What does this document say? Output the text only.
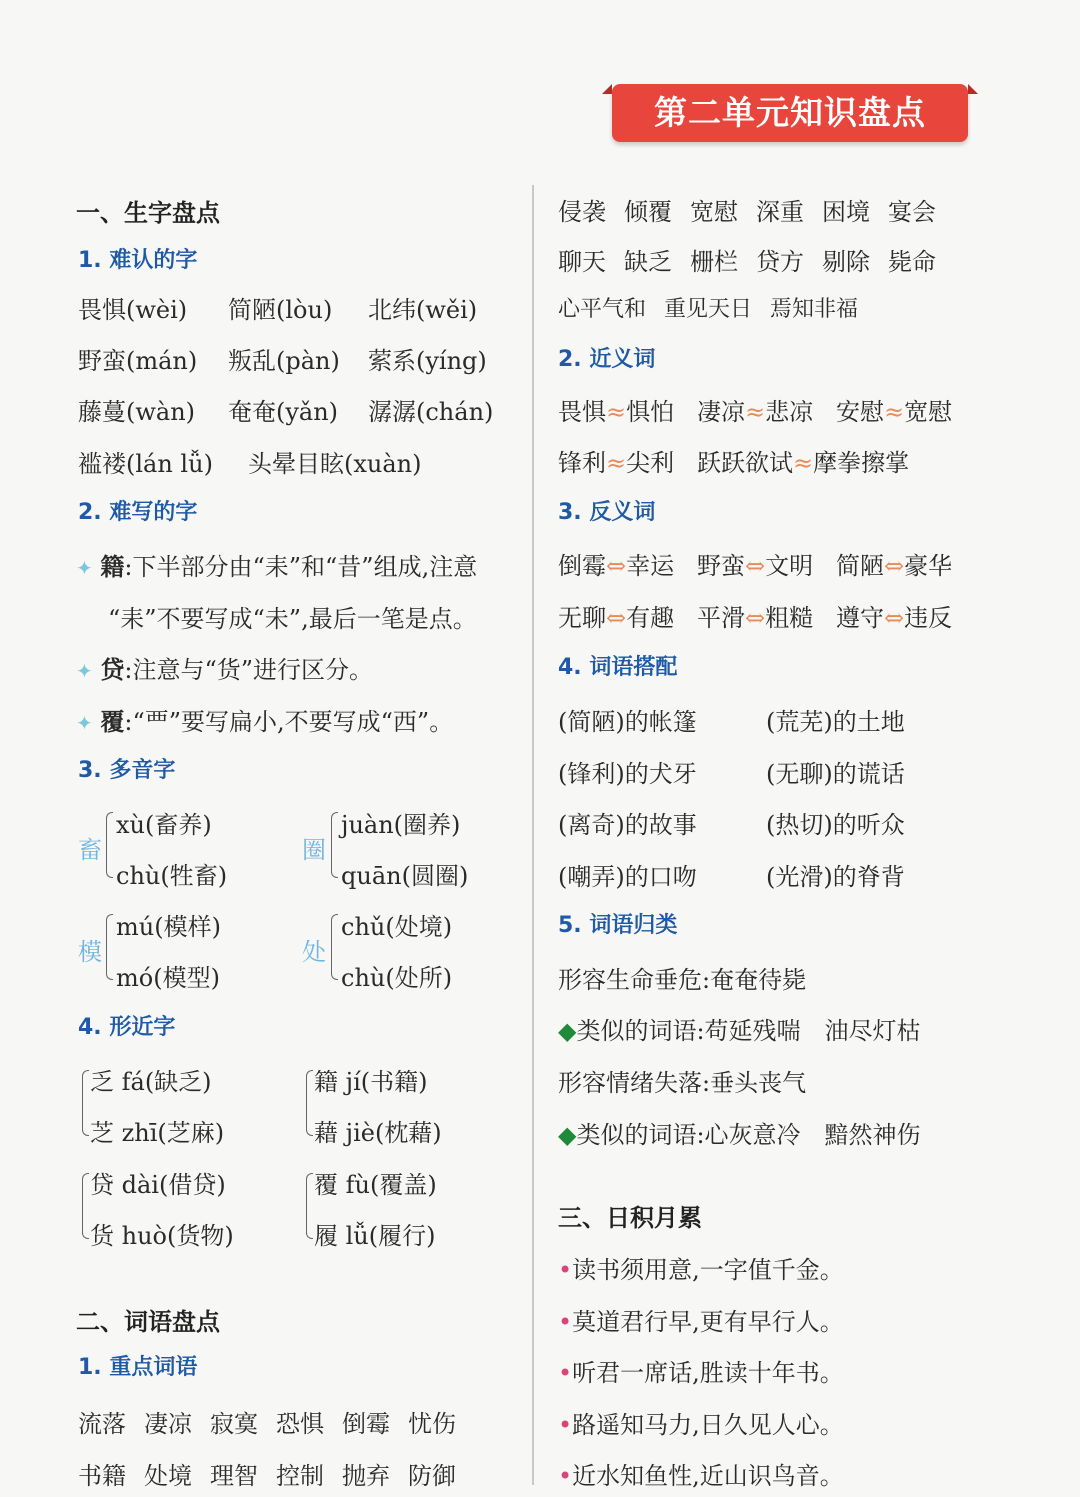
第二单元知识盘点
一、生字盘点
1. 难认的字
畏惧(wèi) 简陋(lòu) 北纬(wěi)
野蛮(mán) 叛乱(pàn) 萦系(yíng)
藤蔓(wàn) 奄奄(yǎn) 潺潺(chán)
褴褛(lán lǚ) 头晕目眩(xuàn)
2. 难写的字
✦ 籍:下半部分由“耒”和“昔”组成,注意
“耒”不要写成“未”,最后一笔是点。
✦ 贷:注意与“货”进行区分。
✦ 覆:“覀”要写扁小,不要写成“西”。
3. 多音字
畜
xù(畜养)
chù(牲畜)
圈
juàn(圈养)
quān(圆圈)
模
mú(模样)
mó(模型)
处
chǔ(处境)
chù(处所)
4. 形近字
乏 fá(缺乏)
芝 zhī(芝麻)
籍 jí(书籍)
藉 jiè(枕藉)
贷 dài(借贷)
货 huò(货物)
覆 fù(覆盖)
履 lǚ(履行)
二、词语盘点
1. 重点词语
流落 凄凉 寂寞 恐惧 倒霉 忧伤
书籍 处境 理智 控制 抛弃 防御
侵袭 倾覆 宽慰 深重 困境 宴会
聊天 缺乏 栅栏 贷方 剔除 毙命
心平气和 重见天日 焉知非福
2. 近义词
畏惧≈惧怕 凄凉≈悲凉 安慰≈宽慰
锋利≈尖利 跃跃欲试≈摩拳擦掌
3. 反义词
倒霉⇔幸运 野蛮⇔文明 简陋⇔豪华
无聊⇔有趣 平滑⇔粗糙 遵守⇔违反
4. 词语搭配
(简陋)的帐篷	(荒芜)的土地
(锋利)的犬牙	(无聊)的谎话
(离奇)的故事	(热切)的听众
(嘲弄)的口吻	(光滑)的脊背
5. 词语归类
形容生命垂危:奄奄待毙
◆类似的词语:苟延残喘　油尽灯枯
形容情绪失落:垂头丧气
◆类似的词语:心灰意冷　黯然神伤
三、日积月累
•读书须用意,一字值千金。
•莫道君行早,更有早行人。
•听君一席话,胜读十年书。
•路遥知马力,日久见人心。
•近水知鱼性,近山识鸟音。
